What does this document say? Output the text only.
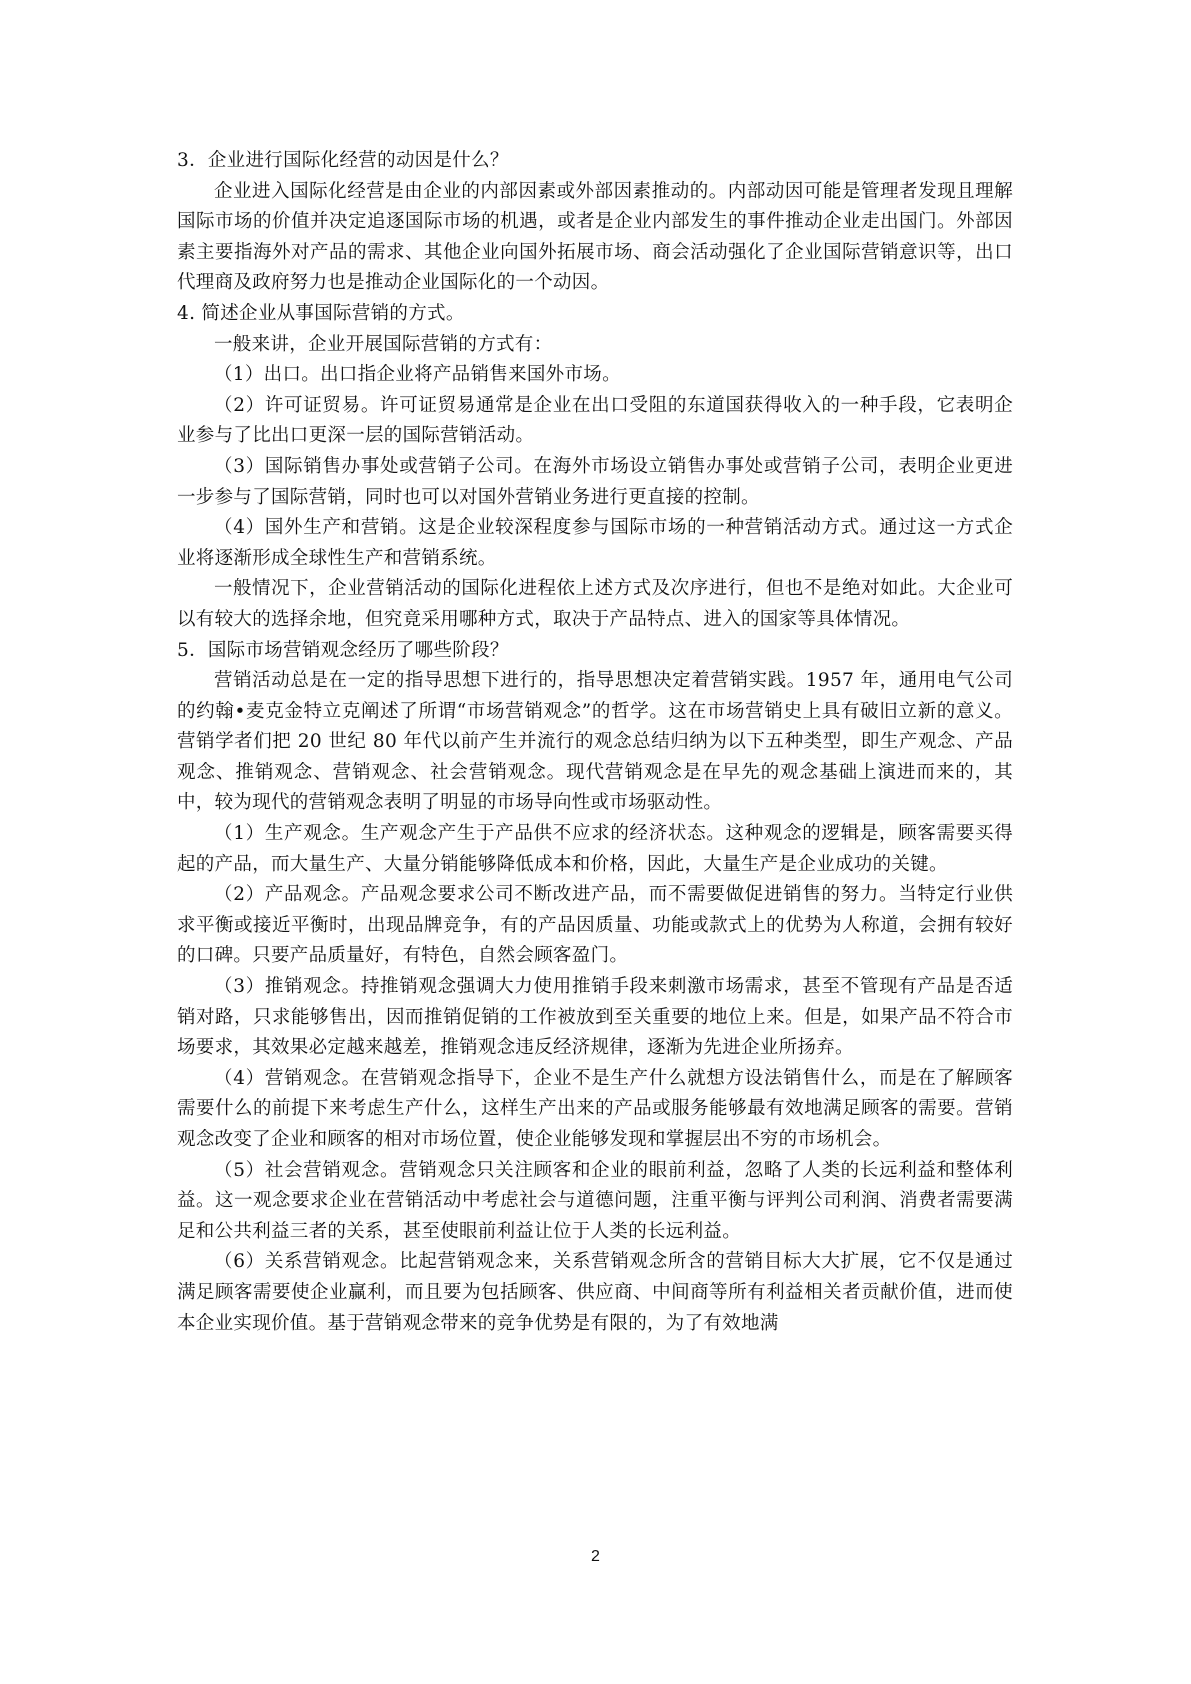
3．企业进行国际化经营的动因是什么？

企业进入国际化经营是由企业的内部因素或外部因素推动的。内部动因可能是管理者发现且理解国际市场的价值并决定追逐国际市场的机遇，或者是企业内部发生的事件推动企业走出国门。外部因素主要指海外对产品的需求、其他企业向国外拓展市场、商会活动强化了企业国际营销意识等，出口代理商及政府努力也是推动企业国际化的一个动因。

4. 简述企业从事国际营销的方式。

一般来讲，企业开展国际营销的方式有：

（1）出口。出口指企业将产品销售来国外市场。

（2）许可证贸易。许可证贸易通常是企业在出口受阻的东道国获得收入的一种手段，它表明企业参与了比出口更深一层的国际营销活动。

（3）国际销售办事处或营销子公司。在海外市场设立销售办事处或营销子公司，表明企业更进一步参与了国际营销，同时也可以对国外营销业务进行更直接的控制。

（4）国外生产和营销。这是企业较深程度参与国际市场的一种营销活动方式。通过这一方式企业将逐渐形成全球性生产和营销系统。

一般情况下，企业营销活动的国际化进程依上述方式及次序进行，但也不是绝对如此。大企业可以有较大的选择余地，但究竟采用哪种方式，取决于产品特点、进入的国家等具体情况。

5．国际市场营销观念经历了哪些阶段？

营销活动总是在一定的指导思想下进行的，指导思想决定着营销实践。1957 年，通用电气公司的约翰•麦克金特立克阐述了所谓“市场营销观念”的哲学。这在市场营销史上具有破旧立新的意义。营销学者们把 20 世纪 80 年代以前产生并流行的观念总结归纳为以下五种类型，即生产观念、产品观念、推销观念、营销观念、社会营销观念。现代营销观念是在早先的观念基础上演进而来的，其中，较为现代的营销观念表明了明显的市场导向性或市场驱动性。

（1）生产观念。生产观念产生于产品供不应求的经济状态。这种观念的逻辑是，顾客需要买得起的产品，而大量生产、大量分销能够降低成本和价格，因此，大量生产是企业成功的关键。

（2）产品观念。产品观念要求公司不断改进产品，而不需要做促进销售的努力。当特定行业供求平衡或接近平衡时，出现品牌竞争，有的产品因质量、功能或款式上的优势为人称道，会拥有较好的口碑。只要产品质量好，有特色，自然会顾客盈门。

（3）推销观念。持推销观念强调大力使用推销手段来刺激市场需求，甚至不管现有产品是否适销对路，只求能够售出，因而推销促销的工作被放到至关重要的地位上来。但是，如果产品不符合市场要求，其效果必定越来越差，推销观念违反经济规律，逐渐为先进企业所扬弃。

（4）营销观念。在营销观念指导下，企业不是生产什么就想方设法销售什么，而是在了解顾客需要什么的前提下来考虑生产什么，这样生产出来的产品或服务能够最有效地满足顾客的需要。营销观念改变了企业和顾客的相对市场位置，使企业能够发现和掌握层出不穷的市场机会。

（5）社会营销观念。营销观念只关注顾客和企业的眼前利益，忽略了人类的长远利益和整体利益。这一观念要求企业在营销活动中考虑社会与道德问题，注重平衡与评判公司利润、消费者需要满足和公共利益三者的关系，甚至使眼前利益让位于人类的长远利益。

（6）关系营销观念。比起营销观念来，关系营销观念所含的营销目标大大扩展，它不仅是通过满足顾客需要使企业赢利，而且要为包括顾客、供应商、中间商等所有利益相关者贡献价值，进而使本企业实现价值。基于营销观念带来的竞争优势是有限的，为了有效地满

2
